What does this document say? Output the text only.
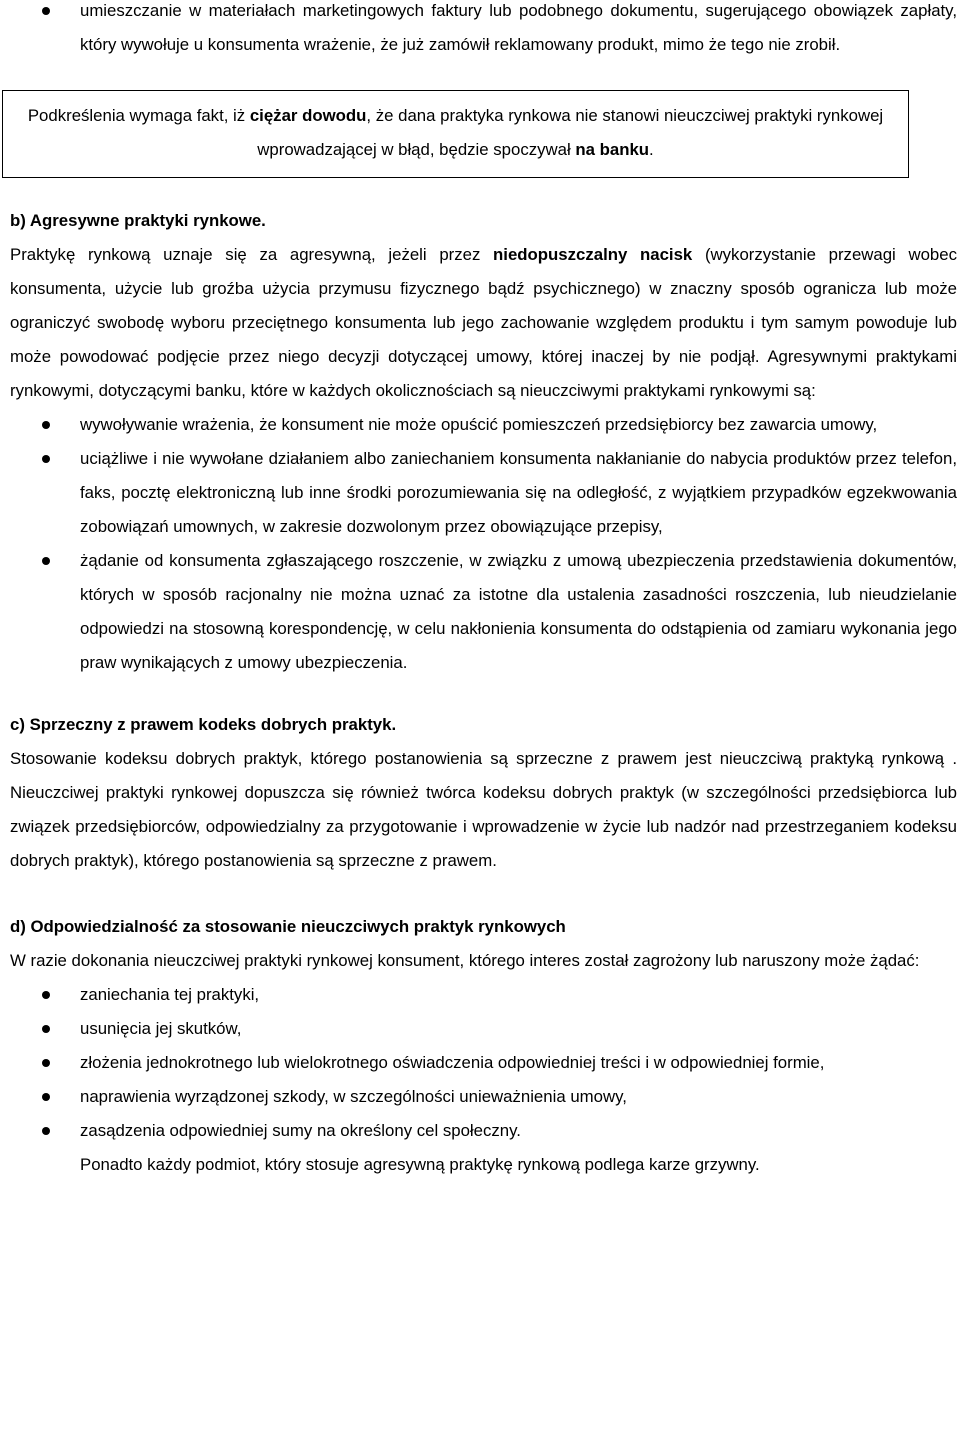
umieszczanie w materiałach marketingowych faktury lub podobnego dokumentu, sugerującego obowiązek zapłaty, który wywołuje u konsumenta wrażenie, że już zamówił reklamowany produkt, mimo że tego nie zrobił.
Podkreślenia wymaga fakt, iż ciężar dowodu, że dana praktyka rynkowa nie stanowi nieuczciwej praktyki rynkowej wprowadzającej w błąd, będzie spoczywał na banku.
b) Agresywne praktyki rynkowe.

Praktykę rynkową uznaje się za agresywną, jeżeli przez niedopuszczalny nacisk (wykorzystanie przewagi wobec konsumenta, użycie lub groźba użycia przymusu fizycznego bądź psychicznego) w znaczny sposób ogranicza lub może ograniczyć swobodę wyboru przeciętnego konsumenta lub jego zachowanie względem produktu i tym samym powoduje lub może powodować podjęcie przez niego decyzji dotyczącej umowy, której inaczej by nie podjął. Agresywnymi praktykami rynkowymi, dotyczącymi banku, które w każdych okolicznościach są nieuczciwymi praktykami rynkowymi są:

wywoływanie wrażenia, że konsument nie może opuścić pomieszczeń przedsiębiorcy bez zawarcia umowy,
uciążliwe i nie wywołane działaniem albo zaniechaniem konsumenta nakłanianie do nabycia produktów przez telefon, faks, pocztę elektroniczną lub inne środki porozumiewania się na odległość, z wyjątkiem przypadków egzekwowania zobowiązań umownych, w zakresie dozwolonym przez obowiązujące przepisy,
żądanie od konsumenta zgłaszającego roszczenie, w związku z umową ubezpieczenia przedstawienia dokumentów, których w sposób racjonalny nie można uznać za istotne dla ustalenia zasadności roszczenia, lub nieudzielanie odpowiedzi na stosowną korespondencję, w celu nakłonienia konsumenta do odstąpienia od zamiaru wykonania jego praw wynikających z umowy ubezpieczenia.
c) Sprzeczny z prawem kodeks dobrych praktyk.

Stosowanie kodeksu dobrych praktyk, którego postanowienia są sprzeczne z prawem jest nieuczciwą praktyką rynkową . Nieuczciwej praktyki rynkowej dopuszcza się również twórca kodeksu dobrych praktyk (w szczególności przedsiębiorca lub związek przedsiębiorców, odpowiedzialny za przygotowanie i wprowadzenie w życie lub nadzór nad przestrzeganiem kodeksu dobrych praktyk), którego postanowienia są sprzeczne z prawem.

d) Odpowiedzialność za stosowanie nieuczciwych praktyk rynkowych

W razie dokonania nieuczciwej praktyki rynkowej konsument, którego interes został zagrożony lub naruszony może żądać:

zaniechania tej praktyki,
usunięcia jej skutków,
złożenia jednokrotnego lub wielokrotnego oświadczenia odpowiedniej treści i w odpowiedniej formie,
naprawienia wyrządzonej szkody, w szczególności unieważnienia umowy,
zasądzenia odpowiedniej sumy na określony cel społeczny.
Ponadto każdy podmiot, który stosuje agresywną praktykę rynkową podlega karze grzywny.
